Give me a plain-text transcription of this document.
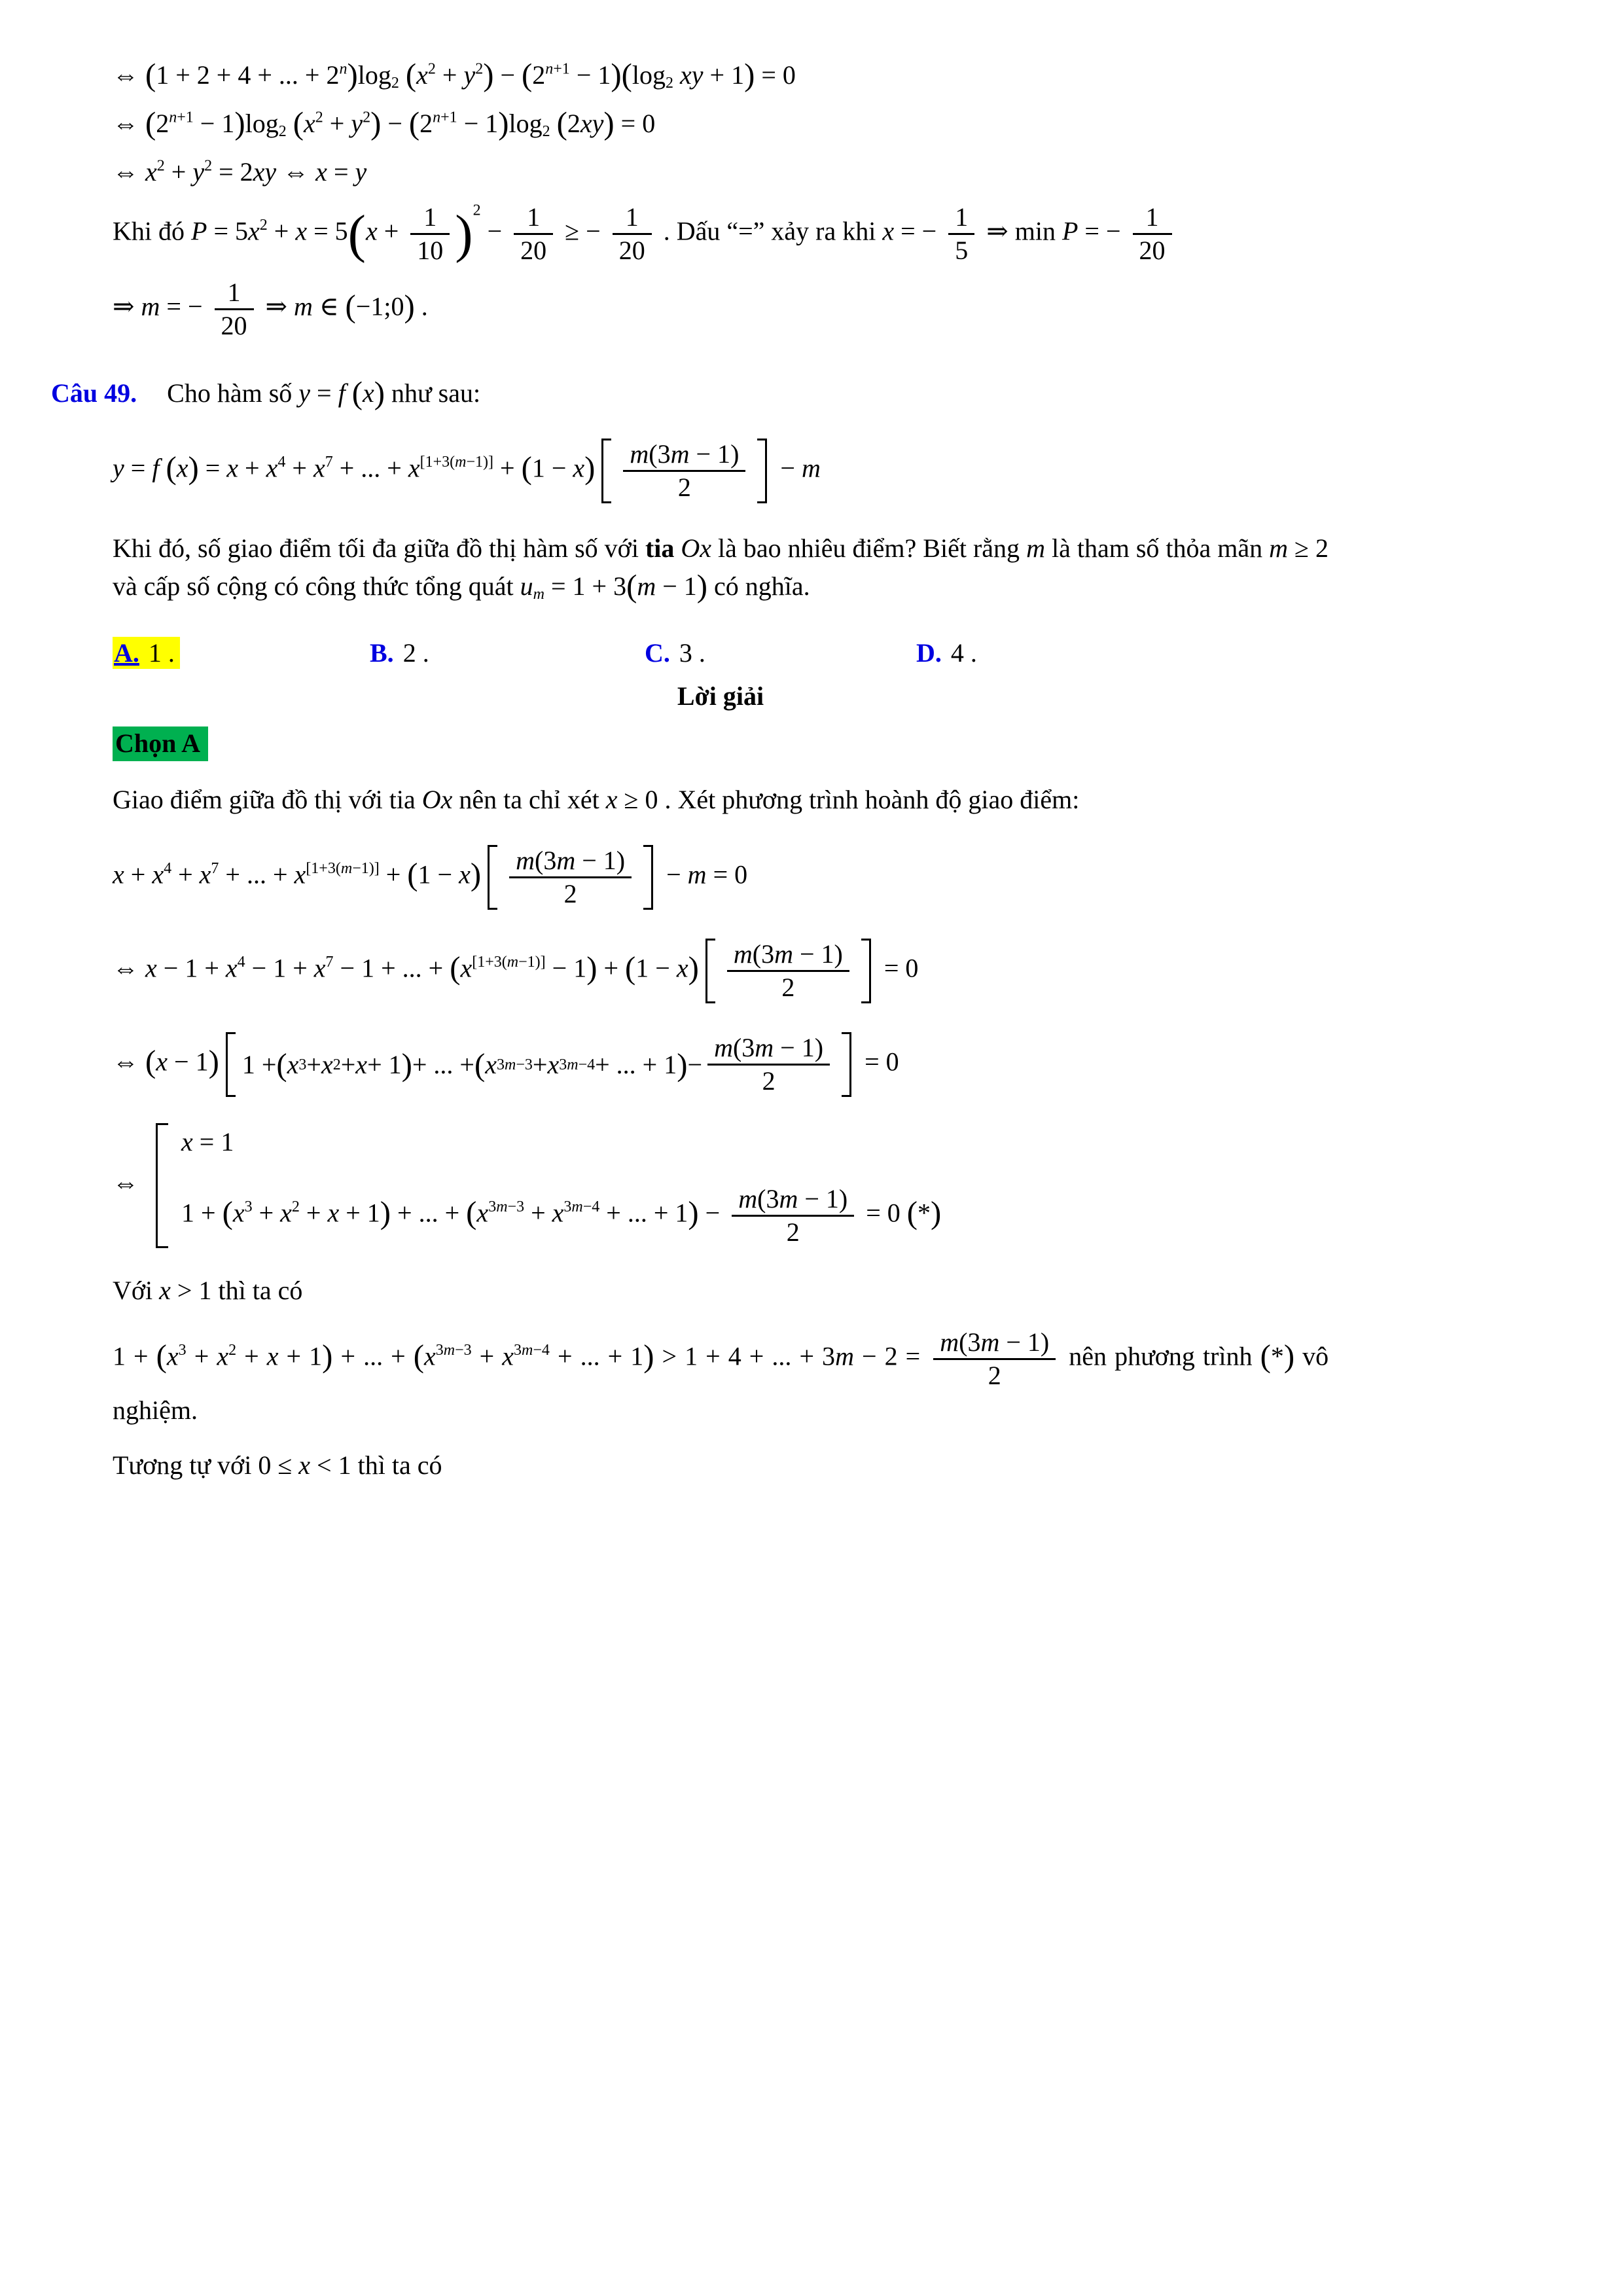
⇔ (1 + 2 + 4 + ... + $2^n)\log_2$ $(x^2 + y^2) - (2^{n+1} - 1)(\log_2$ xy + 1) = 0
⇔ $(2^{n+1} - 1)\log_2$ $(x^2 + y^2) - (2^{n+1} - 1)\log_2$ (2xy) = 0
⇔ $x^2 + y^2 = 2xy$ ⇔ x = y
Khi đó $P = 5x^2 + x = 5(x + \frac{1}{10} )^2 - \frac{1}{20}$ ≥ − $\frac{1}{20}$ . Dấu “=” xảy ra khi x = − $\frac{1}{5}$ ⇒ min P = − $\frac{1}{20}$
⇒ m = − $\frac{1}{20}$ ⇒ m ∈ (−1;0) .
Câu 49. Cho hàm số y = f (x) như sau:
y = f $(x) = x + x^4 + x^7$ + ... + x[1+3(m−1)] + (1 − x) m(3m − 1)
2
− m
Khi đó, số giao điểm tối đa giữa đồ thị hàm số với tia Ox là bao nhiêu điểm? Biết rằng m là tham số thỏa mãn m ≥ 2 và cấp số cộng có công thức tổng quát $u_m = 1 + 3(m - 1)$ có nghĩa.
A. 1 .	B. 2 .	C. 3 .	D. 4 .
Lời giải
Chọn A
Giao điểm giữa đồ thị với tia Ox nên ta chỉ xét x ≥ 0 . Xét phương trình hoành độ giao điểm:
$x + x^4 + x^7$ + ... + x[1+3(m−1)] + (1 − x) m(3m − 1)
2
− m = 0
⇔ $x - 1 + x^4 - 1 + x^7 - 1$ + ... + (x[1+3(m−1)] − 1) + (1 − x) m(3m − 1)
2
= 0
⇔ (x − 1) 1 + ( x 3 + x 2 + x + 1 ) + ... + ( x 3m−3 + x 3m−4 + ... + 1 ) −
m(3m − 1)
2
= 0
⇔
x = 1
$1 + (x^3 + x^2 + x + 1)$ + ... + ($x^{3m-3} + x^{3m-4}$ + ... + $1) - \frac{m(3m - 1)}{2} = 0$ (*)
Với x > 1 thì ta có
$1 + (x^3 + x^2 + x + 1)$ + ... + ($x^{3m-3} + x^{3m-4}$ + ... + 1) > 1 + 4 + ... + $3m - 2 = \frac{m(3m - 1)}{2}$ nên phương trình (*) vô nghiệm.
Tương tự với 0 ≤ x < 1 thì ta có
